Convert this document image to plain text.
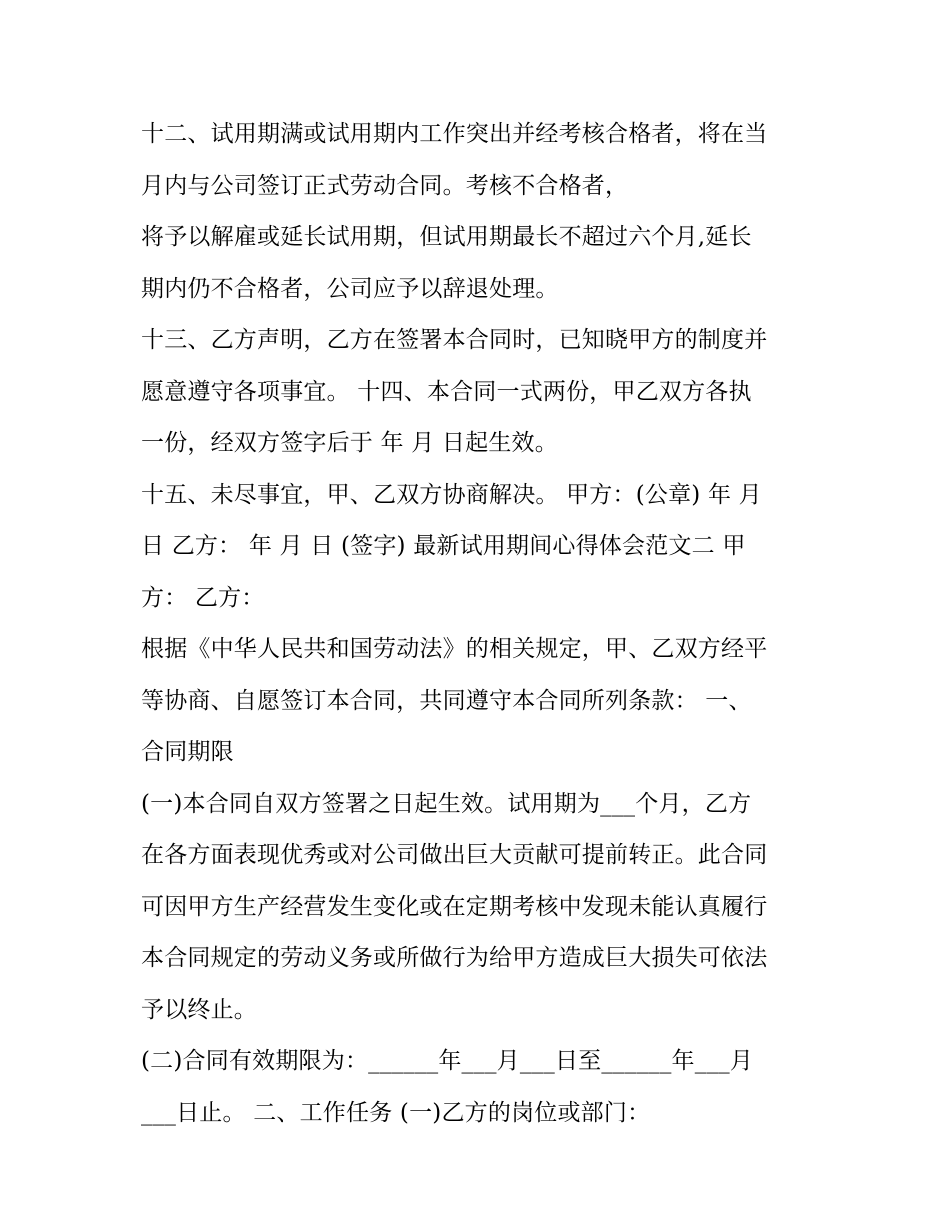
十二、试用期满或试用期内工作突出并经考核合格者，将在当
月内与公司签订正式劳动合同。考核不合格者，
将予以解雇或延长试用期，但试用期最长不超过六个月,延长
期内仍不合格者，公司应予以辞退处理。
十三、乙方声明，乙方在签署本合同时，已知晓甲方的制度并
愿意遵守各项事宜。 十四、本合同一式两份，甲乙双方各执
一份，经双方签字后于 年 月 日起生效。
十五、未尽事宜，甲、乙双方协商解决。 甲方：(公章) 年 月
日 乙方： 年 月 日 (签字) 最新试用期间心得体会范文二 甲
方： 乙方：
根据《中华人民共和国劳动法》的相关规定，甲、乙双方经平
等协商、自愿签订本合同，共同遵守本合同所列条款： 一、
合同期限
(一)本合同自双方签署之日起生效。试用期为___个月，乙方
在各方面表现优秀或对公司做出巨大贡献可提前转正。此合同
可因甲方生产经营发生变化或在定期考核中发现未能认真履行
本合同规定的劳动义务或所做行为给甲方造成巨大损失可依法
予以终止。
(二)合同有效期限为：______年___月___日至______年___月
___日止。 二、工作任务 (一)乙方的岗位或部门：
